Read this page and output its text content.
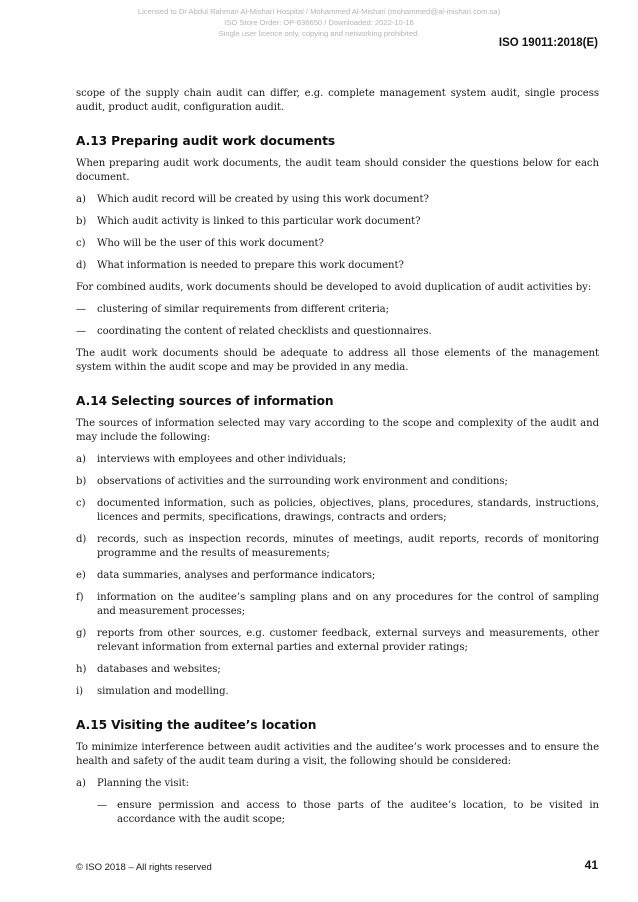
Licensed to Dr Abdul Rahman Al-Mishari Hospital / Mohammed Al-Mishari (mohammed@al-mishari.com.sa)
ISO Store Order: OP-636650 / Downloaded: 2022-10-16
Single user licence only, copying and networking prohibited.
ISO 19011:2018(E)

scope of the supply chain audit can differ, e.g. complete management system audit, single process audit, product audit, configuration audit.

A.13 Preparing audit work documents

When preparing audit work documents, the audit team should consider the questions below for each document.

a)	Which audit record will be created by using this work document?
b)	Which audit activity is linked to this particular work document?
c)	Who will be the user of this work document?
d)	What information is needed to prepare this work document?

For combined audits, work documents should be developed to avoid duplication of audit activities by:

—	clustering of similar requirements from different criteria;
—	coordinating the content of related checklists and questionnaires.

The audit work documents should be adequate to address all those elements of the management system within the audit scope and may be provided in any media.

A.14 Selecting sources of information

The sources of information selected may vary according to the scope and complexity of the audit and may include the following:

a)	interviews with employees and other individuals;
b)	observations of activities and the surrounding work environment and conditions;
c)	documented information, such as policies, objectives, plans, procedures, standards, instructions, licences and permits, specifications, drawings, contracts and orders;
d)	records, such as inspection records, minutes of meetings, audit reports, records of monitoring programme and the results of measurements;
e)	data summaries, analyses and performance indicators;
f)	information on the auditee’s sampling plans and on any procedures for the control of sampling and measurement processes;
g)	reports from other sources, e.g. customer feedback, external surveys and measurements, other relevant information from external parties and external provider ratings;
h)	databases and websites;
i)	simulation and modelling.
A.15 Visiting the auditee’s location

To minimize interference between audit activities and the auditee’s work processes and to ensure the health and safety of the audit team during a visit, the following should be considered:

a)	Planning the visit:
— ensure permission and access to those parts of the auditee’s location, to be visited in accordance with the audit scope;
© ISO 2018 – All rights reserved	41
